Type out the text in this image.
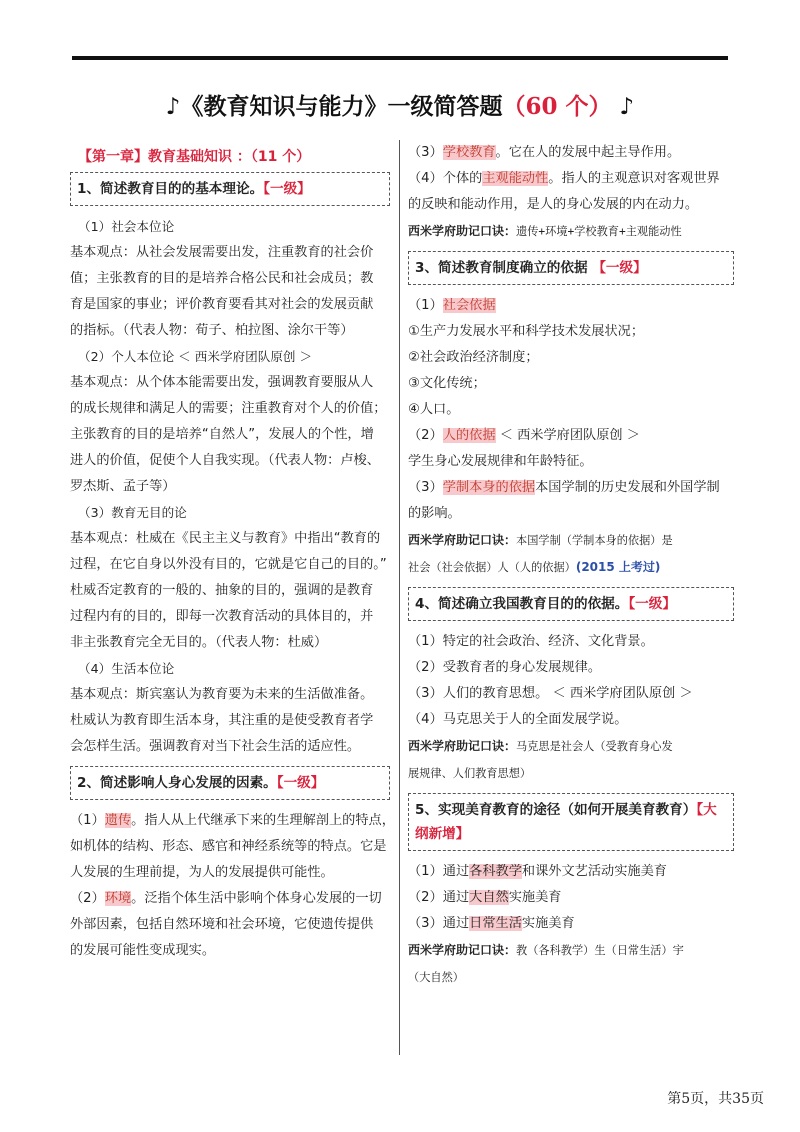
♪《教育知识与能力》一级简答题（60 个） ♪
【第一章】教育基础知识 ：（11 个）
1、简述教育目的的基本理论。【一级】
（1）社会本位论
基本观点：从社会发展需要出发，注重教育的社会价
值；主张教育的目的是培养合格公民和社会成员；教
育是国家的事业；评价教育要看其对社会的发展贡献
的指标。（代表人物：荀子、柏拉图、涂尔干等）
（2）个人本位论 ＜ 西米学府团队原创 ＞
基本观点：从个体本能需要出发，强调教育要服从人
的成长规律和满足人的需要；注重教育对个人的价值；
主张教育的目的是培养“自然人”，发展人的个性，增
进人的价值，促使个人自我实现。（代表人物：卢梭、
罗杰斯、孟子等）
（3）教育无目的论
基本观点：杜威在《民主主义与教育》中指出“教育的
过程，在它自身以外没有目的，它就是它自己的目的。”
杜威否定教育的一般的、抽象的目的，强调的是教育
过程内有的目的，即每一次教育活动的具体目的，并
非主张教育完全无目的。（代表人物：杜威）
（4）生活本位论
基本观点：斯宾塞认为教育要为未来的生活做准备。
杜威认为教育即生活本身，其注重的是使受教育者学
会怎样生活。强调教育对当下社会生活的适应性。
2、简述影响人身心发展的因素。【一级】
（1）遗传。指人从上代继承下来的生理解剖上的特点，
如机体的结构、形态、感官和神经系统等的特点。它是
人发展的生理前提，为人的发展提供可能性。
（2）环境。泛指个体生活中影响个体身心发展的一切
外部因素，包括自然环境和社会环境，它使遗传提供
的发展可能性变成现实。
（3）学校教育。它在人的发展中起主导作用。
（4）个体的主观能动性。指人的主观意识对客观世界
的反映和能动作用，是人的身心发展的内在动力。
西米学府助记口诀：遗传+环境+学校教育+主观能动性
3、简述教育制度确立的依据 【一级】
（1）社会依据
①生产力发展水平和科学技术发展状况；
②社会政治经济制度；
③文化传统；
④人口。
（2）人的依据 ＜ 西米学府团队原创 ＞
学生身心发展规律和年龄特征。
（3）学制本身的依据本国学制的历史发展和外国学制
的影响。
西米学府助记口诀：本国学制（学制本身的依据）是
社会（社会依据）人（人的依据）(2015 上考过)
4、简述确立我国教育目的的依据。【一级】
（1）特定的社会政治、经济、文化背景。
（2）受教育者的身心发展规律。
（3）人们的教育思想。 ＜ 西米学府团队原创 ＞
（4）马克思关于人的全面发展学说。
西米学府助记口诀：马克思是社会人（受教育身心发
展规律、人们教育思想）
5、实现美育教育的途径（如何开展美育教育）【大
纲新增】
（1）通过各科教学和课外文艺活动实施美育
（2）通过大自然实施美育
（3）通过日常生活实施美育
西米学府助记口诀：教（各科教学）生（日常生活）宇
（大自然）
第5页，共35页
